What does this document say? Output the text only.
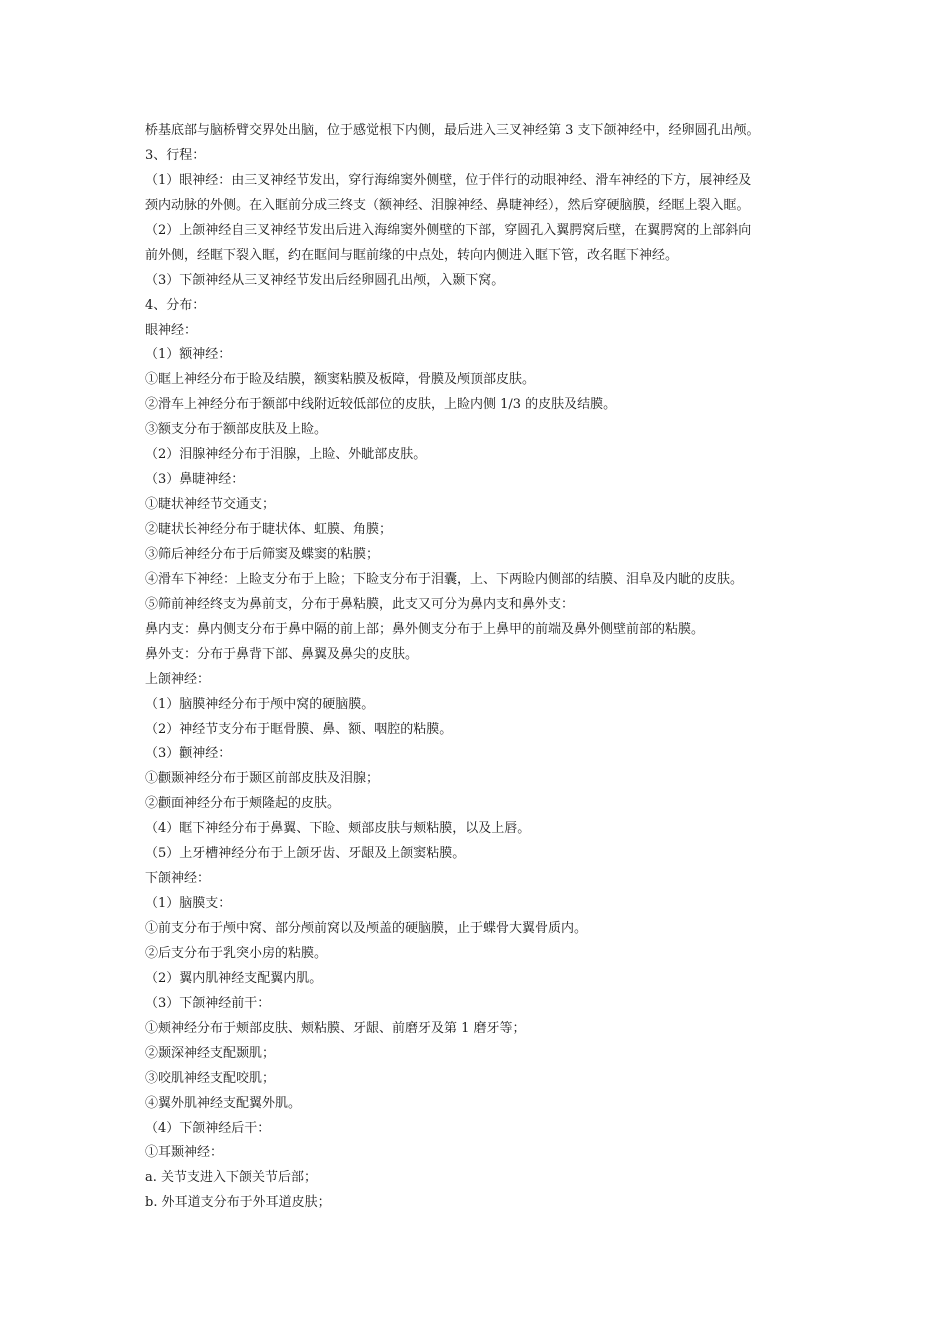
桥基底部与脑桥臂交界处出脑，位于感觉根下内侧，最后进入三叉神经第 3 支下颌神经中，经卵圆孔出颅。
3、行程：
（1）眼神经：由三叉神经节发出，穿行海绵窦外侧壁，位于伴行的动眼神经、滑车神经的下方，展神经及
颈内动脉的外侧。在入眶前分成三终支（额神经、泪腺神经、鼻睫神经），然后穿硬脑膜，经眶上裂入眶。
（2）上颌神经自三叉神经节发出后进入海绵窦外侧壁的下部，穿圆孔入翼腭窝后壁，在翼腭窝的上部斜向
前外侧，经眶下裂入眶，约在眶间与眶前缘的中点处，转向内侧进入眶下管，改名眶下神经。
（3）下颌神经从三叉神经节发出后经卵圆孔出颅，入颞下窝。
4、分布：
眼神经：
（1）额神经：
①眶上神经分布于睑及结膜，额窦粘膜及板障，骨膜及颅顶部皮肤。
②滑车上神经分布于额部中线附近较低部位的皮肤，上睑内侧 1/3 的皮肤及结膜。
③额支分布于额部皮肤及上睑。
（2）泪腺神经分布于泪腺，上睑、外眦部皮肤。
（3）鼻睫神经：
①睫状神经节交通支；
②睫状长神经分布于睫状体、虹膜、角膜；
③筛后神经分布于后筛窦及蝶窦的粘膜；
④滑车下神经：上睑支分布于上睑；下睑支分布于泪囊，上、下两睑内侧部的结膜、泪阜及内眦的皮肤。
⑤筛前神经终支为鼻前支，分布于鼻粘膜，此支又可分为鼻内支和鼻外支：
鼻内支：鼻内侧支分布于鼻中隔的前上部；鼻外侧支分布于上鼻甲的前端及鼻外侧壁前部的粘膜。
鼻外支：分布于鼻背下部、鼻翼及鼻尖的皮肤。
上颌神经：
（1）脑膜神经分布于颅中窝的硬脑膜。
（2）神经节支分布于眶骨膜、鼻、额、咽腔的粘膜。
（3）颧神经：
①颧颞神经分布于颞区前部皮肤及泪腺；
②颧面神经分布于颊隆起的皮肤。
（4）眶下神经分布于鼻翼、下睑、颊部皮肤与颊粘膜，以及上唇。
（5）上牙槽神经分布于上颌牙齿、牙龈及上颌窦粘膜。
下颌神经：
（1）脑膜支：
①前支分布于颅中窝、部分颅前窝以及颅盖的硬脑膜，止于蝶骨大翼骨质内。
②后支分布于乳突小房的粘膜。
（2）翼内肌神经支配翼内肌。
（3）下颌神经前干：
①颊神经分布于颊部皮肤、颊粘膜、牙龈、前磨牙及第 1 磨牙等；
②颞深神经支配颞肌；
③咬肌神经支配咬肌；
④翼外肌神经支配翼外肌。
（4）下颌神经后干：
①耳颞神经：
a. 关节支进入下颌关节后部；
b. 外耳道支分布于外耳道皮肤；
